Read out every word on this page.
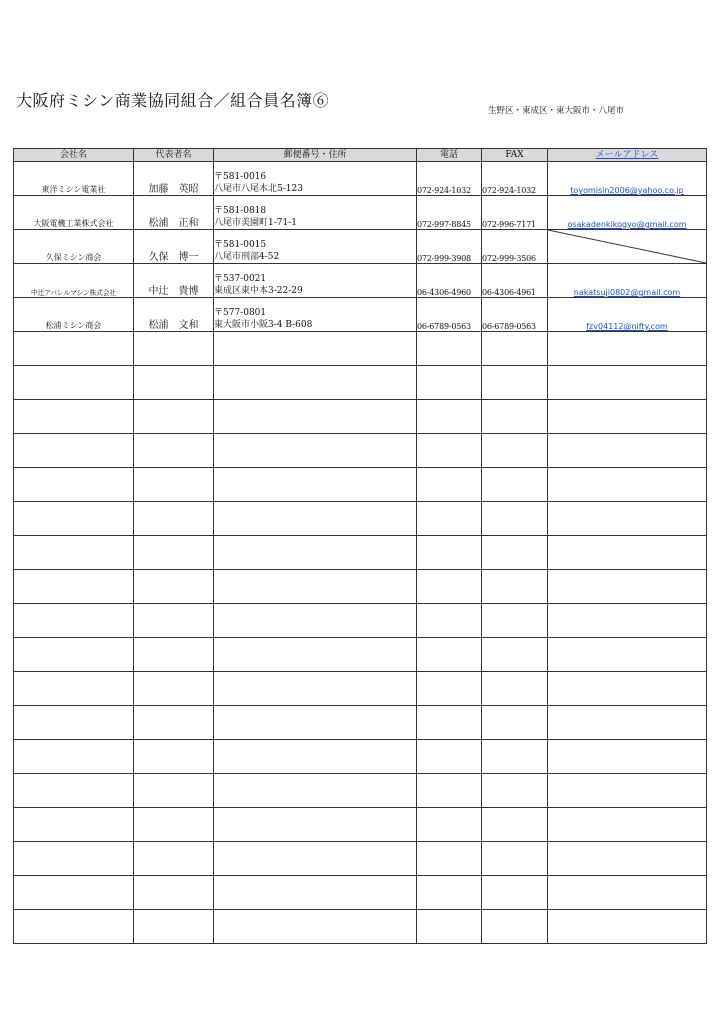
大阪府ミシン商業協同組合／組合員名簿⑥
生野区・東成区・東大阪市・八尾市
会社名	代表者名	郵便番号・住所	電話	FAX	メールアドレス
東洋ミシン電業社	加藤　英昭	〒581-0016
八尾市八尾木北5-123	072-924-1032	072-924-1032	toyomisin2006@yahoo.co.jp
大阪電機工業株式会社	松浦　正和	〒581-0818
八尾市美園町1-71-1	072-997-8845	072-996-7171	osakadenkikogyo@gmail.com
久保ミシン商会	久保　博一	〒581-0015
八尾市刑部4-52	072-999-3908	072-999-3506	

中辻アパレルマシン株式会社	中辻　貴博	〒537-0021
東成区東中本3-22-29	06-4306-4960	06-4306-4961	nakatsuji0802@gmail.com
松浦ミシン商会	松浦　文和	〒577-0801
東大阪市小阪3-4 B-608	06-6789-0563	06-6789-0563	fzv04112@nifty.com
